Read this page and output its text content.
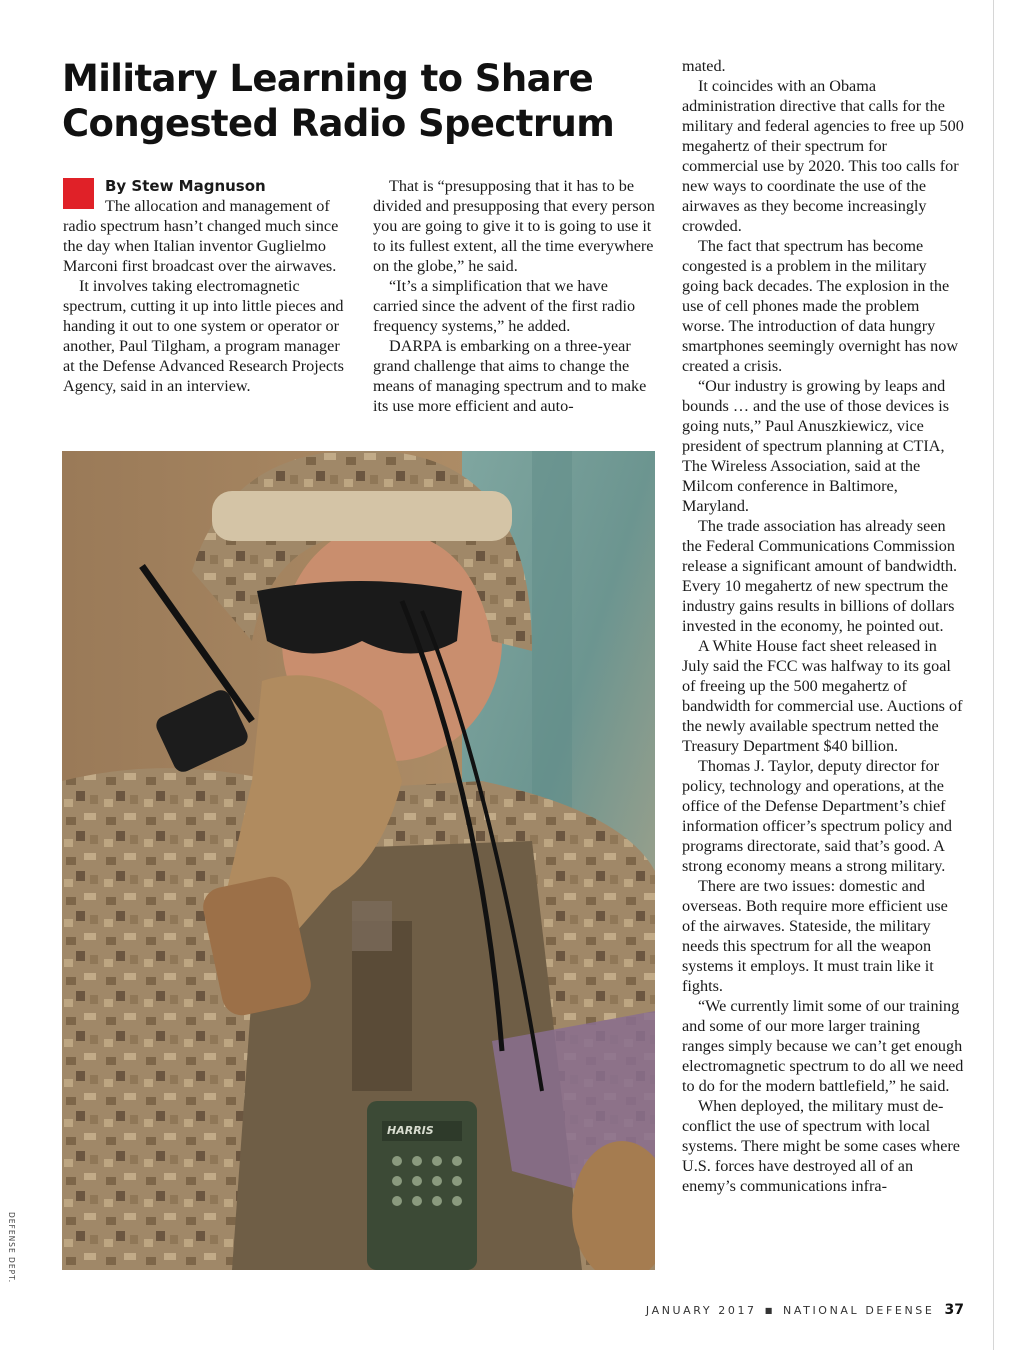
Military Learning to Share Congested Radio Spectrum
By Stew Magnuson

The allocation and management of radio spectrum hasn’t changed much since the day when Italian inventor Guglielmo Marconi first broadcast over the airwaves.

It involves taking electromagnetic spectrum, cutting it up into little pieces and handing it out to one system or operator or another, Paul Tilgham, a program manager at the Defense Advanced Research Projects Agency, said in an interview.

That is “presupposing that it has to be divided and presupposing that every person you are going to give it to is going to use it to its fullest extent, all the time everywhere on the globe,” he said.

“It’s a simplification that we have carried since the advent of the first radio frequency systems,” he added.

DARPA is embarking on a three-year grand challenge that aims to change the means of managing spectrum and to make its use more efficient and auto-

mated.

It coincides with an Obama administration directive that calls for the military and federal agencies to free up 500 megahertz of their spectrum for commercial use by 2020. This too calls for new ways to coordinate the use of the airwaves as they become increasingly crowded.

The fact that spectrum has become congested is a problem in the military going back decades. The explosion in the use of cell phones made the problem worse. The introduction of data hungry smartphones seemingly overnight has now created a crisis.

“Our industry is growing by leaps and bounds … and the use of those devices is going nuts,” Paul Anuszkiewicz, vice president of spectrum planning at CTIA, The Wireless Association, said at the Milcom conference in Baltimore, Maryland.

The trade association has already seen the Federal Communications Commission release a significant amount of bandwidth. Every 10 megahertz of new spectrum the industry gains results in billions of dollars invested in the economy, he pointed out.

A White House fact sheet released in July said the FCC was halfway to its goal of freeing up the 500 megahertz of bandwidth for commercial use. Auctions of the newly available spectrum netted the Treasury Department $40 billion.

Thomas J. Taylor, deputy director for policy, technology and operations, at the office of the Defense Department’s chief information officer’s spectrum policy and programs directorate, said that’s good. A strong economy means a strong military.

There are two issues: domestic and overseas. Both require more efficient use of the airwaves. Stateside, the military needs this spectrum for all the weapon systems it employs. It must train like it fights.

“We currently limit some of our training and some of our more larger training ranges simply because we can’t get enough electromagnetic spectrum to do all we need to do for the modern battlefield,” he said.

When deployed, the military must de-conflict the use of spectrum with local systems. There might be some cases where U.S. forces have destroyed all of an enemy’s communications infra-

HARRIS
DEFENSE DEPT.
JANUARY 2017 ■ NATIONAL DEFENSE 37
